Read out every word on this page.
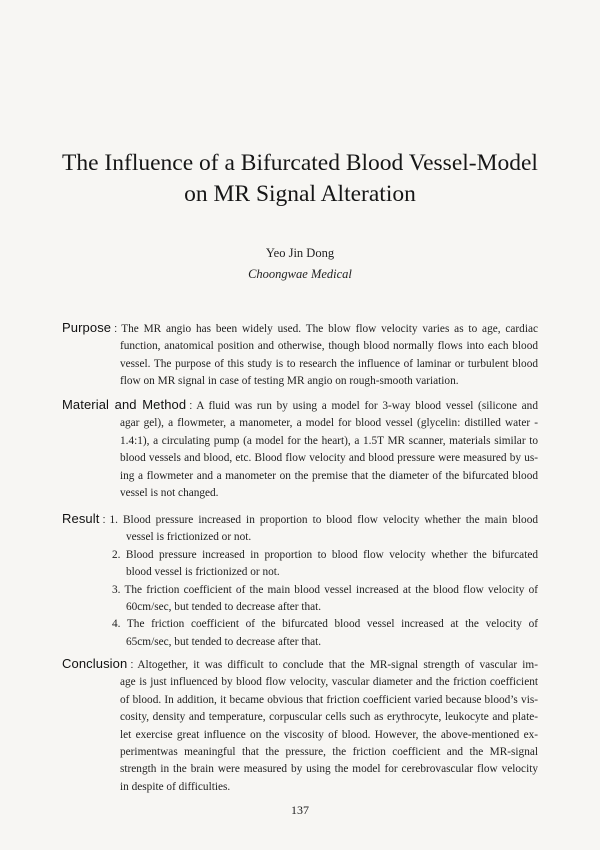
The Influence of a Bifurcated Blood Vessel-Model
on MR Signal Alteration
Yeo Jin Dong
Choongwae Medical
Purpose : The MR angio has been widely used. The blow flow velocity varies as to age, cardiac
function, anatomical position and otherwise, though blood normally flows into each blood
vessel. The purpose of this study is to research the influence of laminar or turbulent blood
flow on MR signal in case of testing MR angio on rough-smooth variation.
Material and Method : A fluid was run by using a model for 3-way blood vessel (silicone and
agar gel), a flowmeter, a manometer, a model for blood vessel (glycelin: distilled water -
1.4:1), a circulating pump (a model for the heart), a 1.5T MR scanner, materials similar to
blood vessels and blood, etc. Blood flow velocity and blood pressure were measured by us-
ing a flowmeter and a manometer on the premise that the diameter of the bifurcated blood
vessel is not changed.
Result : 1. Blood pressure increased in proportion to blood flow velocity whether the main blood
vessel is frictionized or not.
2. Blood pressure increased in proportion to blood flow velocity whether the bifurcated
blood vessel is frictionized or not.
3. The friction coefficient of the main blood vessel increased at the blood flow velocity of
60cm/sec, but tended to decrease after that.
4. The friction coefficient of the bifurcated blood vessel increased at the velocity of
65cm/sec, but tended to decrease after that.
Conclusion : Altogether, it was difficult to conclude that the MR-signal strength of vascular im-
age is just influenced by blood flow velocity, vascular diameter and the friction coefficient
of blood. In addition, it became obvious that friction coefficient varied because blood’s vis-
cosity, density and temperature, corpuscular cells such as erythrocyte, leukocyte and plate-
let exercise great influence on the viscosity of blood. However, the above-mentioned ex-
perimentwas meaningful that the pressure, the friction coefficient and the MR-signal
strength in the brain were measured by using the model for cerebrovascular flow velocity
in despite of difficulties.
137
